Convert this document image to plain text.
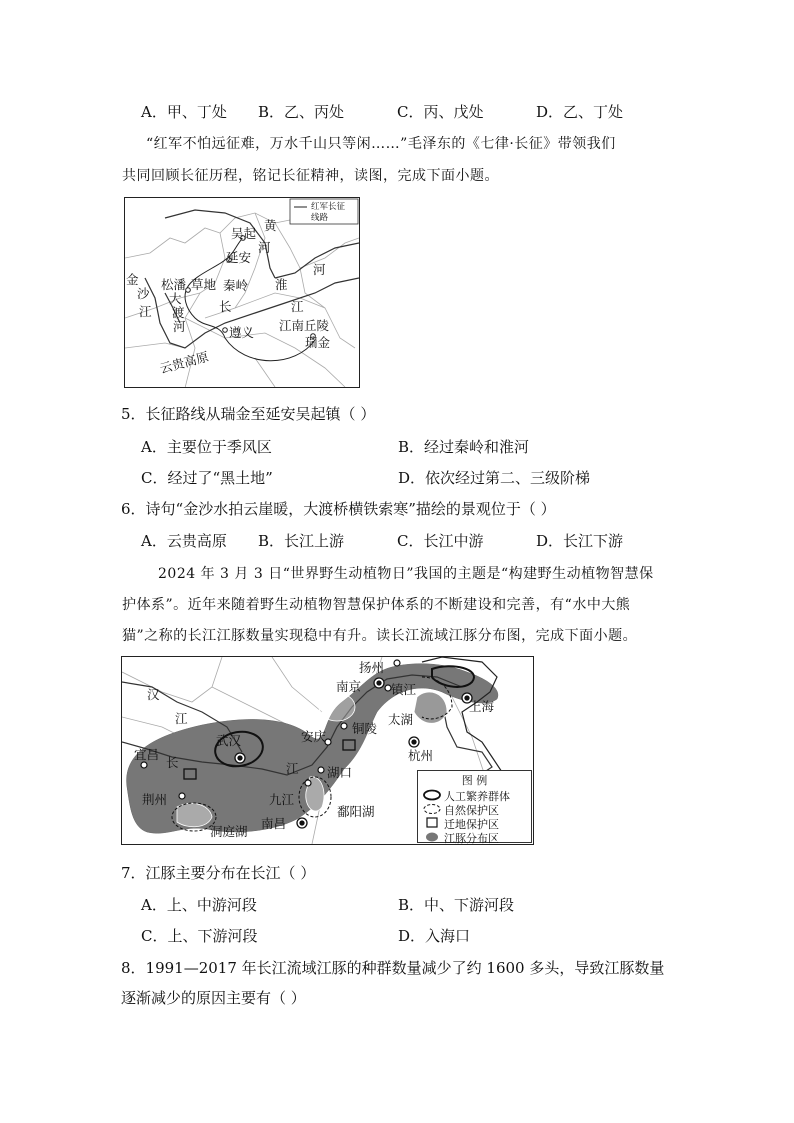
A．甲、丁处 B．乙、丙处	C．丙、戊处	D．乙、丁处
“红军不怕远征难，万水千山只等闲……”毛泽东的《七律·长征》带领我们
共同回顾长征历程，铭记长征精神，读图，完成下面小题。
红军长征
线路
黄
吴起
河
延安
河
金 松潘 草地 秦岭 淮
沙 大
江 渡	长	江
河	遵义 江南丘陵
瑞金
云贵高原
5．长征路线从瑞金至延安吴起镇（ ）
A．主要位于季风区	B．经过秦岭和淮河
C．经过了“黑土地”	D．依次经过第二、三级阶梯
6．诗句“金沙水拍云崖暖，大渡桥横铁索寒”描绘的景观位于（ ）
A．云贵高原 B．长江上游	C．长江中游	D．长江下游
2024 年 3 月 3 日“世界野生动植物日”我国的主题是“构建野生动植物智慧保
护体系”。近年来随着野生动植物智慧保护体系的不断建设和完善，有“水中大熊
猫”之称的长江江豚数量实现稳中有升。读长江流域江豚分布图，完成下面小题。
汉
扬州
南京 镇江
江
上海
太湖
铜陵
安庆
武汉
宜昌	杭州
长	江 湖口
荆州	九江
鄱阳湖
南昌
洞庭湖
图 例
人工繁养群体
自然保护区
迁地保护区
江豚分布区
7．江豚主要分布在长江（ ）
A．上、中游河段	B．中、下游河段
C．上、下游河段	D．入海口
8．1991—2017 年长江流域江豚的种群数量减少了约 1600 多头，导致江豚数量
逐渐减少的原因主要有（ ）
